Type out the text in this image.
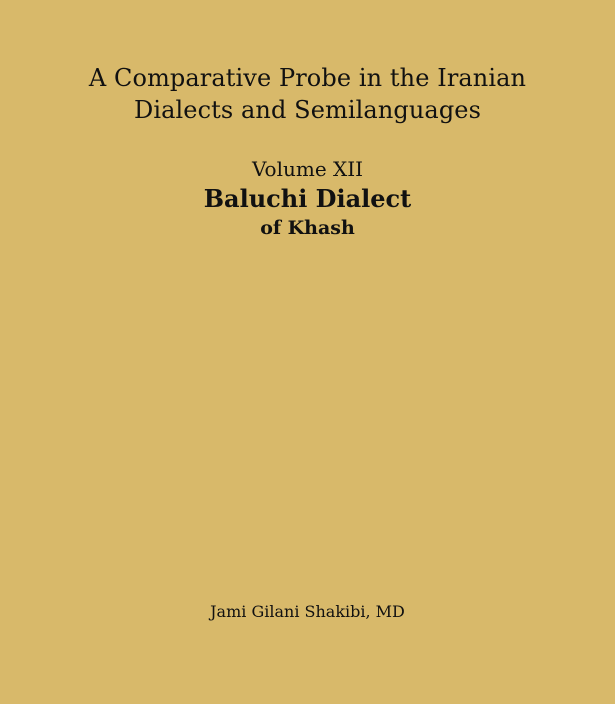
A Comparative Probe in the Iranian
Dialects and Semilanguages
Volume XII
Baluchi Dialect
of Khash
Jami Gilani Shakibi, MD
